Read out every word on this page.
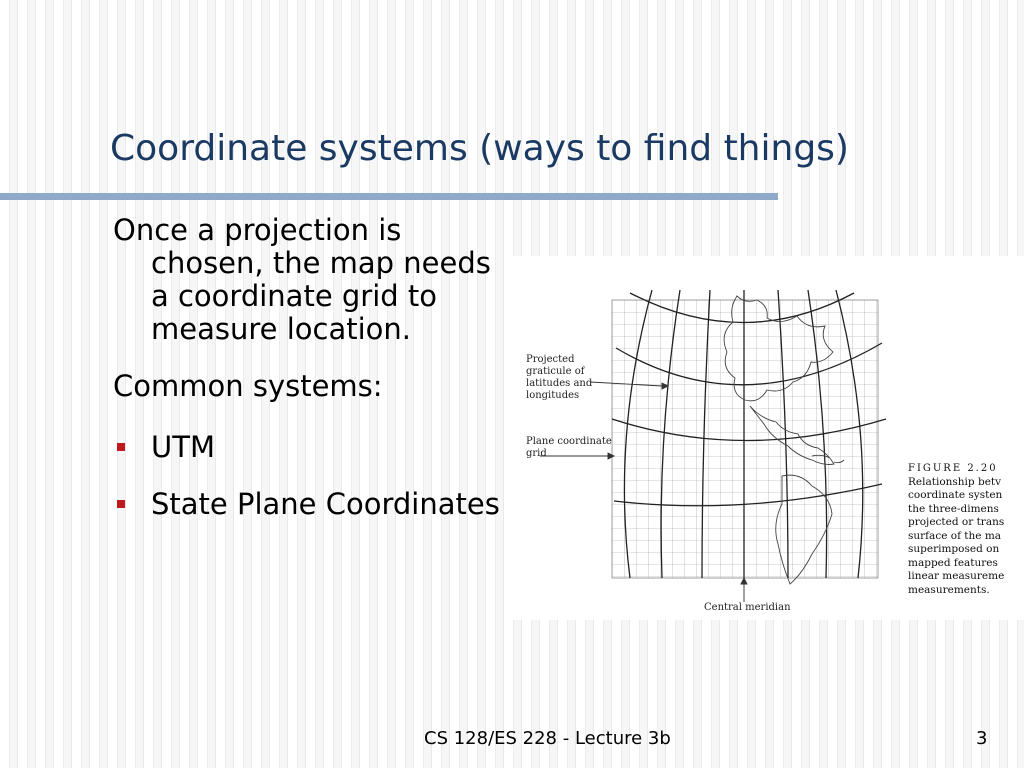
Coordinate systems (ways to find things)

Once a projection is chosen, the map needs a coordinate grid to measure location.

Common systems:

UTM
State Plane Coordinates
Projected
graticule of
latitudes and
longitudes
Plane coordinate
grid
Central meridian
FIGURE 2.20
Relationship betv
coordinate systen
the three-dimens
projected or trans
surface of the ma
superimposed on
mapped features
linear measureme
measurements.
CS 128/ES 228 - Lecture 3b	3
